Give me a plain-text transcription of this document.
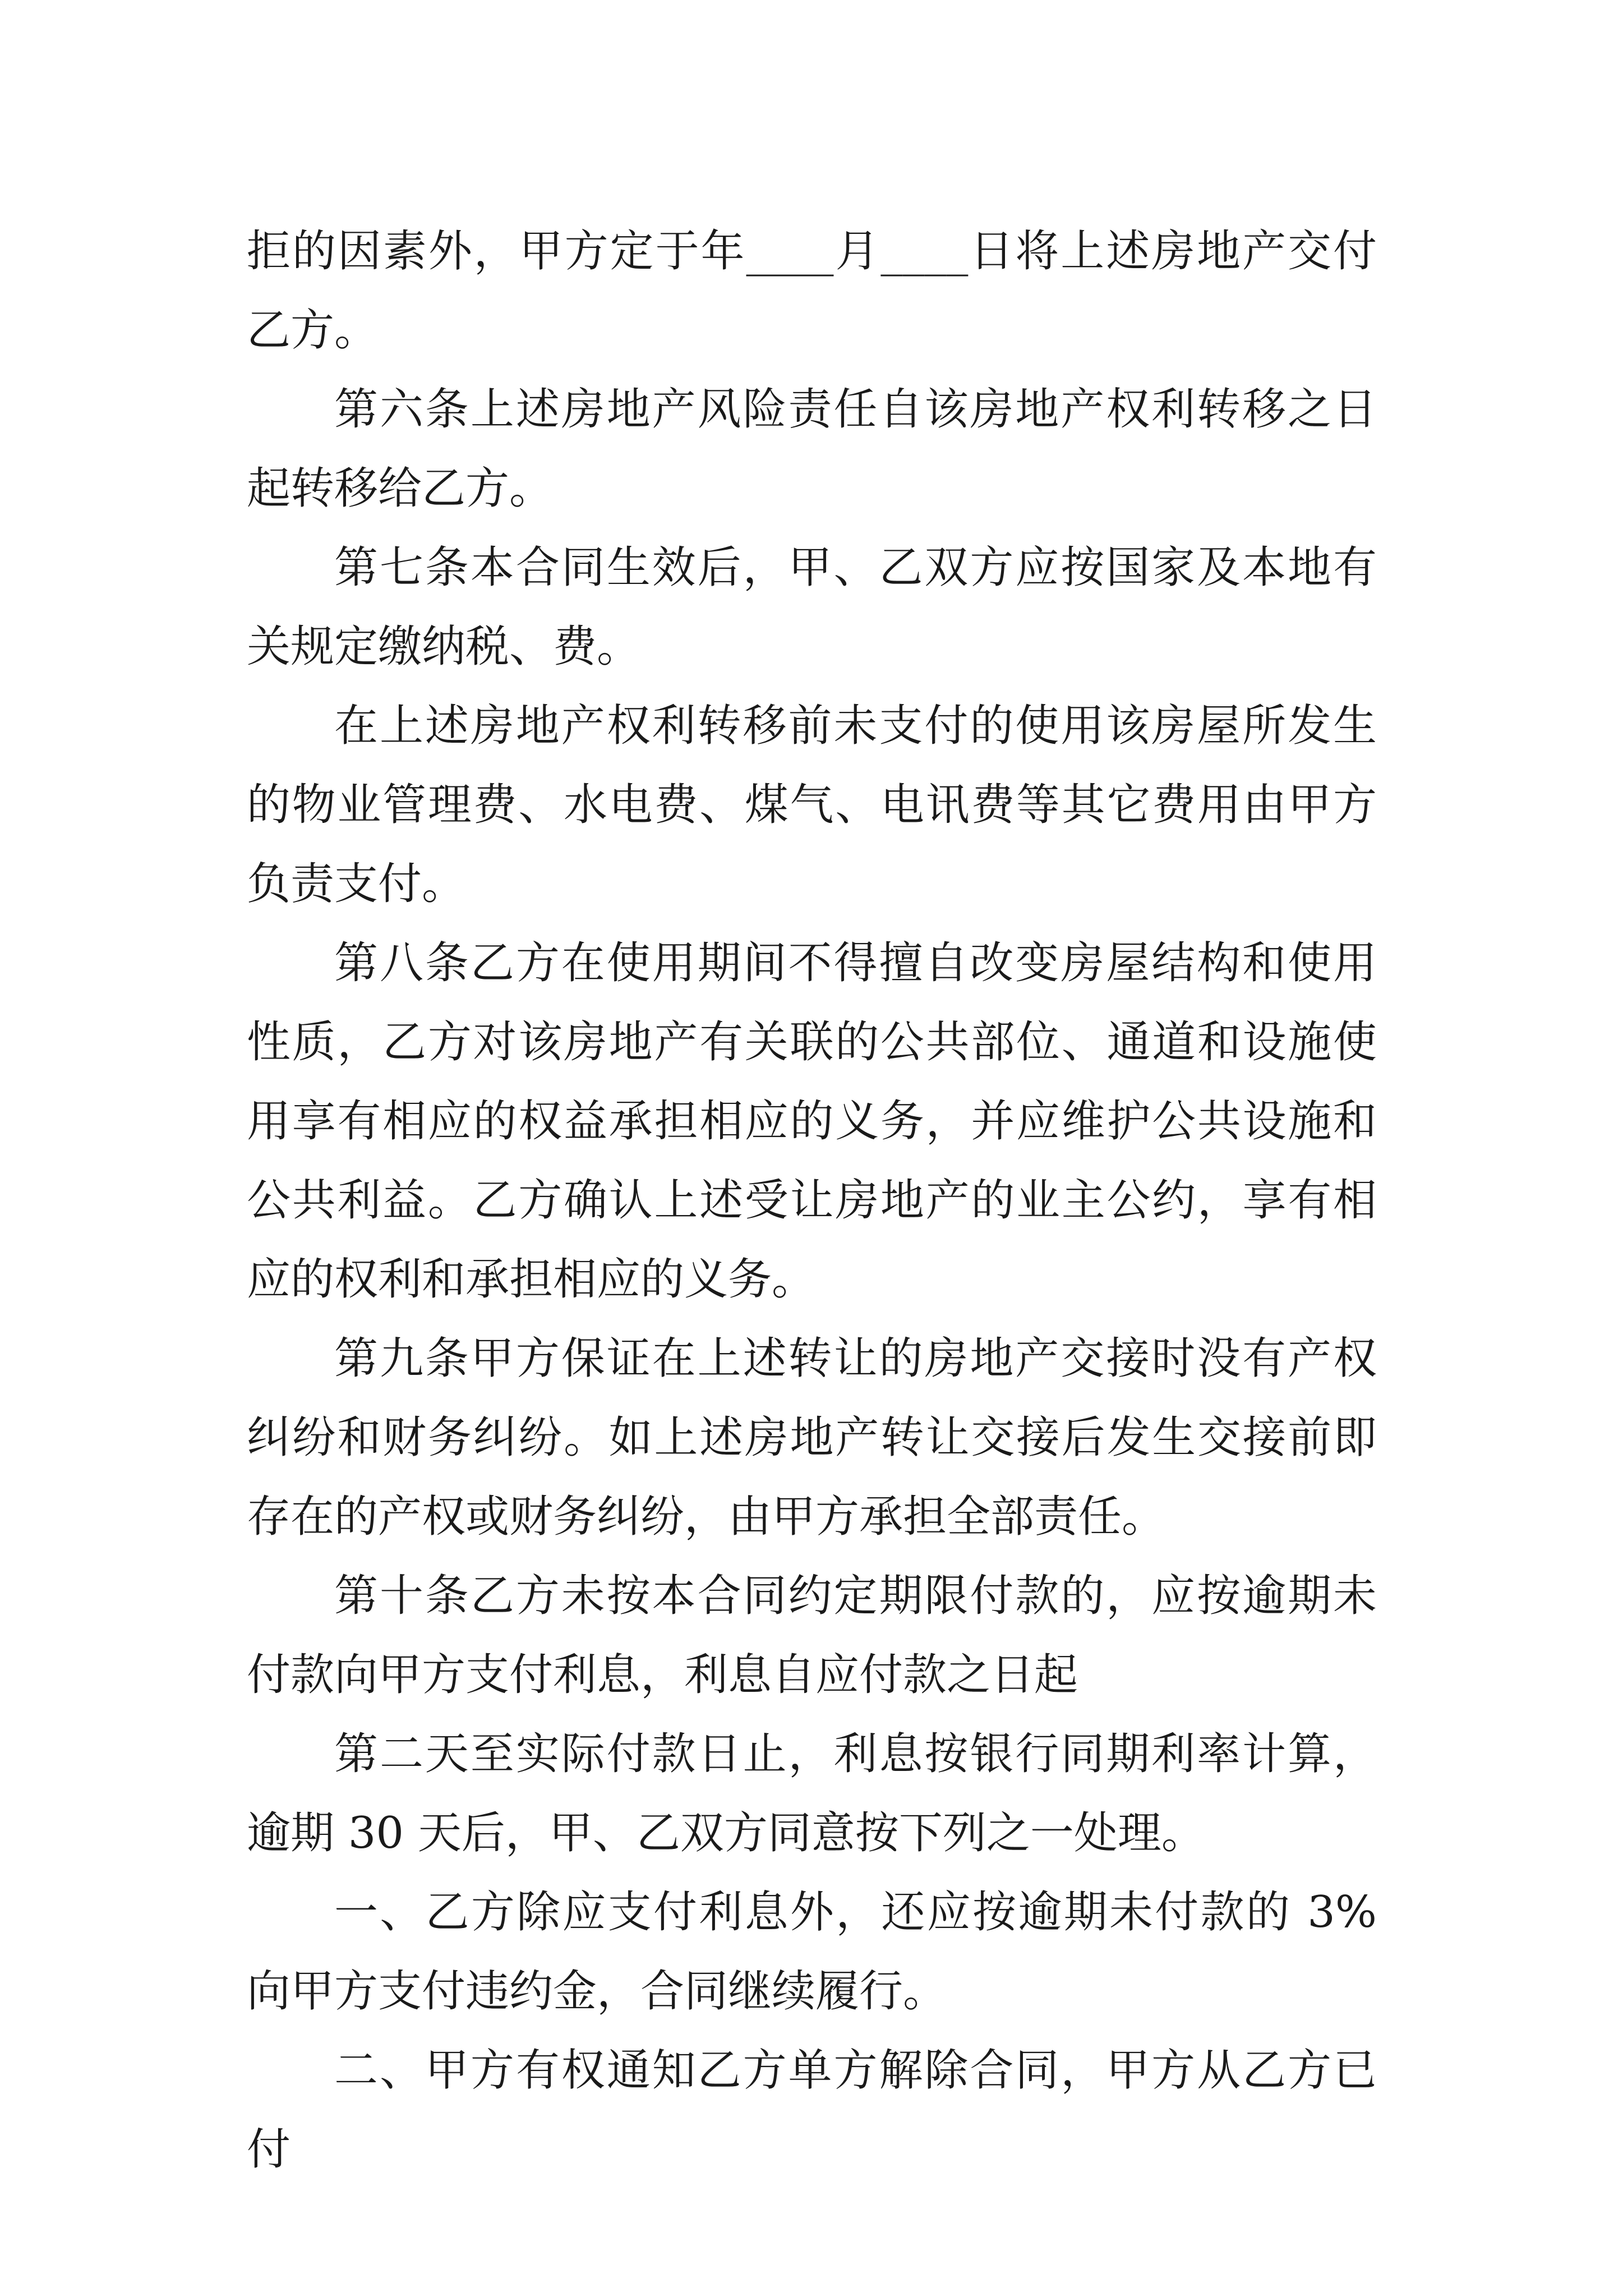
拒的因素外，甲方定于年____月____日将上述房地产交付乙方。

第六条上述房地产风险责任自该房地产权利转移之日起转移给乙方。

第七条本合同生效后，甲、乙双方应按国家及本地有关规定缴纳税、费。

在上述房地产权利转移前未支付的使用该房屋所发生的物业管理费、水电费、煤气、电讯费等其它费用由甲方负责支付。

第八条乙方在使用期间不得擅自改变房屋结构和使用性质，乙方对该房地产有关联的公共部位、通道和设施使用享有相应的权益承担相应的义务，并应维护公共设施和公共利益。乙方确认上述受让房地产的业主公约，享有相应的权利和承担相应的义务。

第九条甲方保证在上述转让的房地产交接时没有产权纠纷和财务纠纷。如上述房地产转让交接后发生交接前即存在的产权或财务纠纷，由甲方承担全部责任。

第十条乙方未按本合同约定期限付款的，应按逾期未付款向甲方支付利息，利息自应付款之日起

第二天至实际付款日止，利息按银行同期利率计算，逾期 30 天后，甲、乙双方同意按下列之一处理。

一、乙方除应支付利息外，还应按逾期未付款的 3%向甲方支付违约金，合同继续履行。

二、甲方有权通知乙方单方解除合同，甲方从乙方已付
